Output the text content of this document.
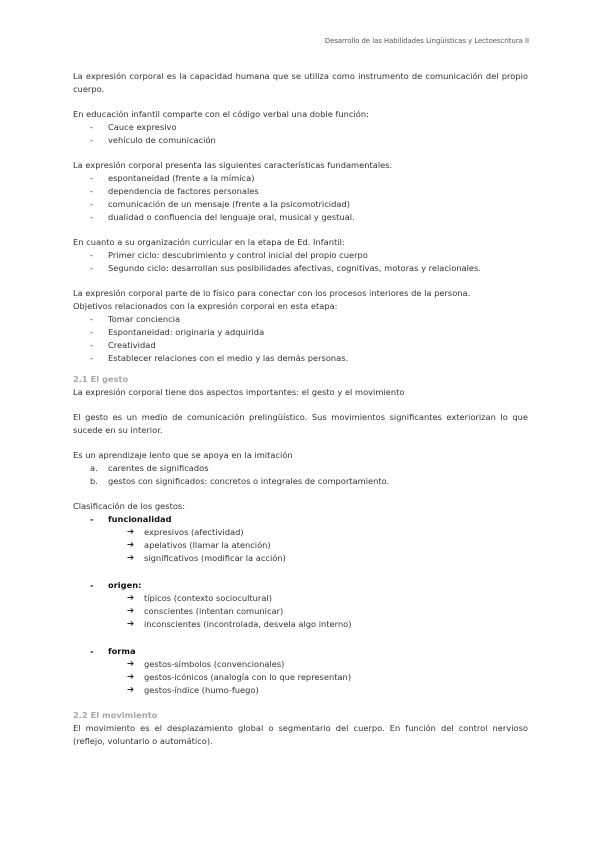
Desarrollo de las Habilidades Lingüísticas y Lectoescritura II

La expresión corporal es la capacidad humana que se utiliza como instrumento de comunicación del propio cuerpo.

En educación infantil comparte con el código verbal una doble función:

- Cauce expresivo
- vehículo de comunicación

La expresión corporal presenta las siguientes características fundamentales.

- espontaneidad (frente a la mímica)
- dependencia de factores personales
- comunicación de un mensaje (frente a la psicomotricidad)
- dualidad o confluencia del lenguaje oral, musical y gestual.

En cuanto a su organización curricular en la etapa de Ed. Infantil:

- Primer ciclo: descubrimiento y control inicial del propio cuerpo
- Segundo ciclo: desarrollan sus posibilidades afectivas, cognitivas, motoras y relacionales.

La expresión corporal parte de lo físico para conectar con los procesos interiores de la persona.

Objetivos relacionados con la expresión corporal en esta etapa:

- Tomar conciencia
- Espontaneidad: originaria y adquirida
- Creatividad
- Establecer relaciones con el medio y las demás personas.

2.1 El gesto

La expresión corporal tiene dos aspectos importantes: el gesto y el movimiento

El gesto es un medio de comunicación prelingüístico. Sus movimientos significantes exteriorizan lo que sucede en su interior.

Es un aprendizaje lento que se apoya en la imitación

a. carentes de significados
b. gestos con significados: concretos o integrales de comportamiento.

Clasificación de los gestos:

- funcionalidad
➔ expresivos (afectividad)
➔ apelativos (llamar la atención)
➔ significativos (modificar la acción)
- origen:
➔ típicos (contexto sociocultural)
➔ conscientes (intentan comunicar)
➔ inconscientes (incontrolada, desvela algo interno)
- forma
➔ gestos-símbolos (convencionales)
➔ gestos-icónicos (analogía con lo que representan)
➔ gestos-índice (humo-fuego)

2.2 El movimiento

El movimiento es el desplazamiento global o segmentario del cuerpo. En función del control nervioso (reflejo, voluntario o automático).
